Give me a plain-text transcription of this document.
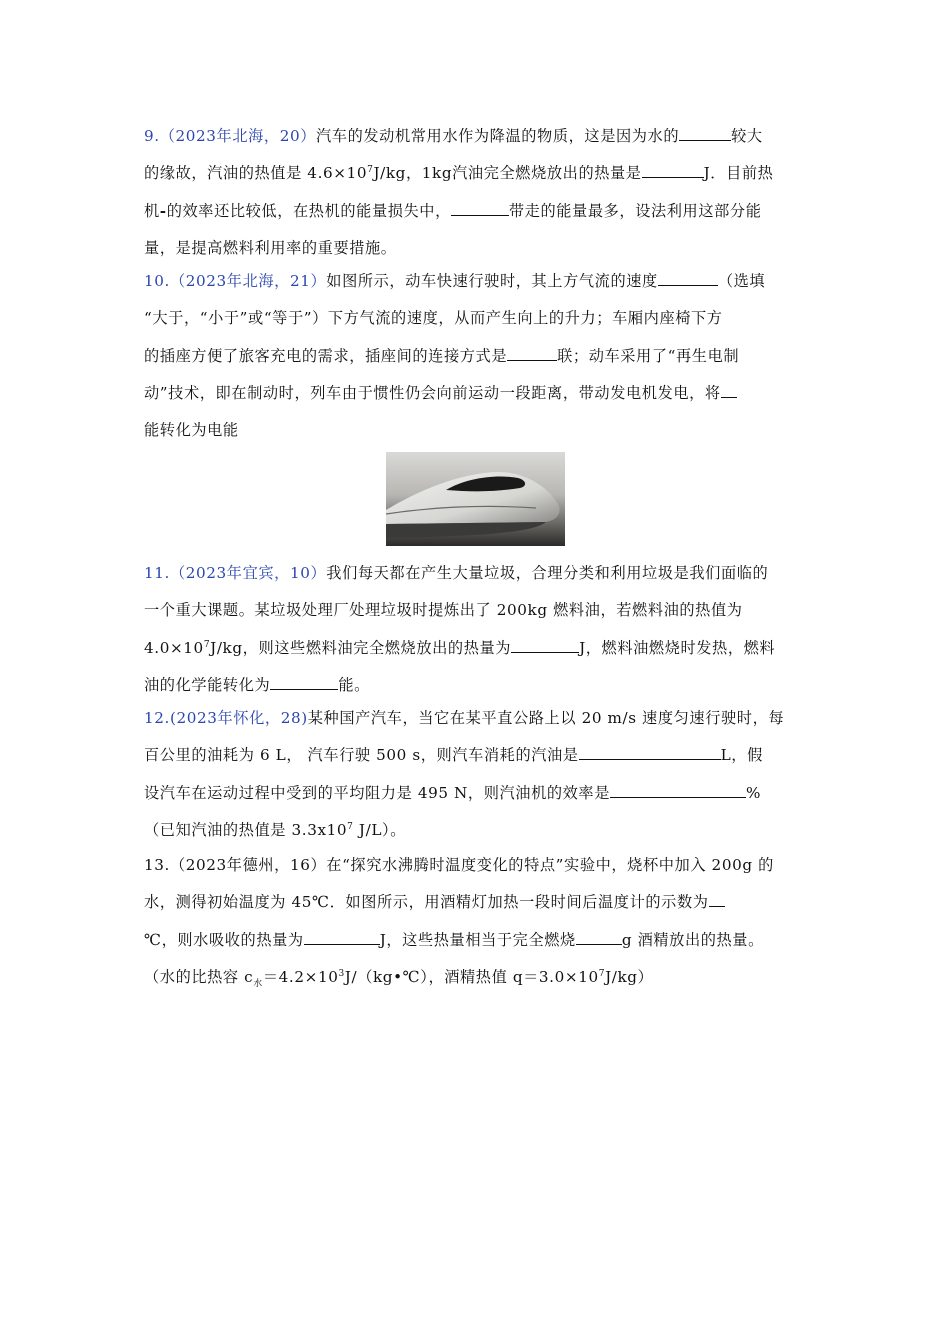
9.（2023年北海，20）汽车的发动机常用水作为降温的物质，这是因为水的	较大
的缘故，汽油的热值是 $4.6\times 10^7J/kg$，1kg汽油完全燃烧放出的热量是	J．目前热
机-的效率还比较低，在热机的能量损失中，	带走的能量最多，设法利用这部分能
量，是提高燃料利用率的重要措施。
10.（2023年北海，21）如图所示，动车快速行驶时，其上方气流的速度	（选填
“大于，“小于”或“等于”）下方气流的速度，从而产生向上的升力；车厢内座椅下方
的插座方便了旅客充电的需求，插座间的连接方式是	联；动车采用了“再生电制
动”技术，即在制动时，列车由于惯性仍会向前运动一段距离，带动发电机发电，将
能转化为电能
11.（2023年宜宾，10）我们每天都在产生大量垃圾，合理分类和利用垃圾是我们面临的
一个重大课题。某垃圾处理厂处理垃圾时提炼出了 200kg 燃料油，若燃料油的热值为
$4.0\times 10^7J/kg$，则这些燃料油完全燃烧放出的热量为	J，燃料油燃烧时发热，燃料
油的化学能转化为	能。
12.(2023年怀化，28)某种国产汽车，当它在某平直公路上以 20 m/s 速度匀速行驶时，每
百公里的油耗为 6 L， 汽车行驶 500 s，则汽车消耗的汽油是	L，假
设汽车在运动过程中受到的平均阻力是 495 N，则汽油机的效率是	%
（已知汽油的热值是 $3.3x10^7$ J/L）。
13.（2023年德州，16）在“探究水沸腾时温度变化的特点”实验中，烧杯中加入 200g 的
水，测得初始温度为 45℃．如图所示，用酒精灯加热一段时间后温度计的示数为
℃，则水吸收的热量为	J，这些热量相当于完全燃烧	g 酒精放出的热量。
（水的比热容 $c_水=4.2\times 10^3J/(kg•℃)$，酒精热值 $q=3.0\times 10^7J/kg$）
